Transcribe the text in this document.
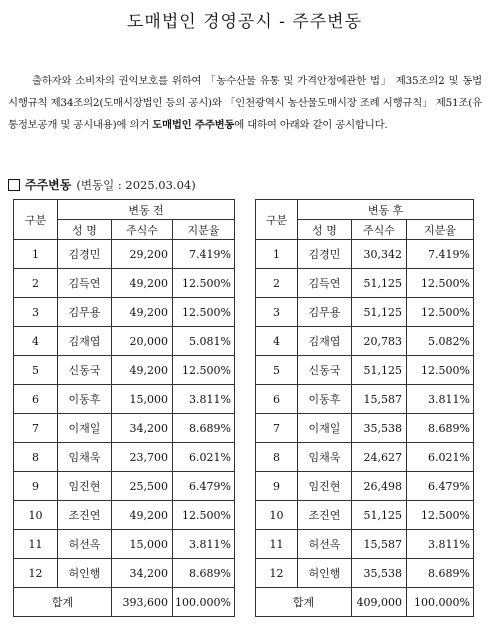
도매법인 경영공시 - 주주변동
출하자와 소비자의 권익보호를 위하여 「농수산물 유통 및 가격안정에관한 법」 제35조의2 및 동법 시행규칙 제34조의2(도매시장법인 등의 공시)와 「인천광역시 농산물도매시장 조례 시행규칙」 제51조(유통정보공개 및 공시내용)에 의거 도매법인 주주변동에 대하여 아래와 같이 공시합니다.
주주변동 (변동일 : 2025.03.04)
구분	변동 전		
	성 명	주식수	지분율
1	김경민	29,200	7.419%
2	김득연	49,200	12.500%
3	김무용	49,200	12.500%
4	김재엽	20,000	5.081%
5	신동국	49,200	12.500%
6	이동후	15,000	3.811%
7	이재일	34,200	8.689%
8	임채욱	23,700	6.021%
9	임진현	25,500	6.479%
10	조진연	49,200	12.500%
11	허선옥	15,000	3.811%
12	허인행	34,200	8.689%
합계		393,600	100.000%
구분	변동 후		
	성 명	주식수	지분율
1	김경민	30,342	7.419%
2	김득연	51,125	12.500%
3	김무용	51,125	12.500%
4	김재엽	20,783	5.082%
5	신동국	51,125	12.500%
6	이동후	15,587	3.811%
7	이재일	35,538	8.689%
8	임채욱	24,627	6.021%
9	임진현	26,498	6.479%
10	조진연	51,125	12.500%
11	허선옥	15,587	3.811%
12	허인행	35,538	8.689%
합계		409,000	100.000%
